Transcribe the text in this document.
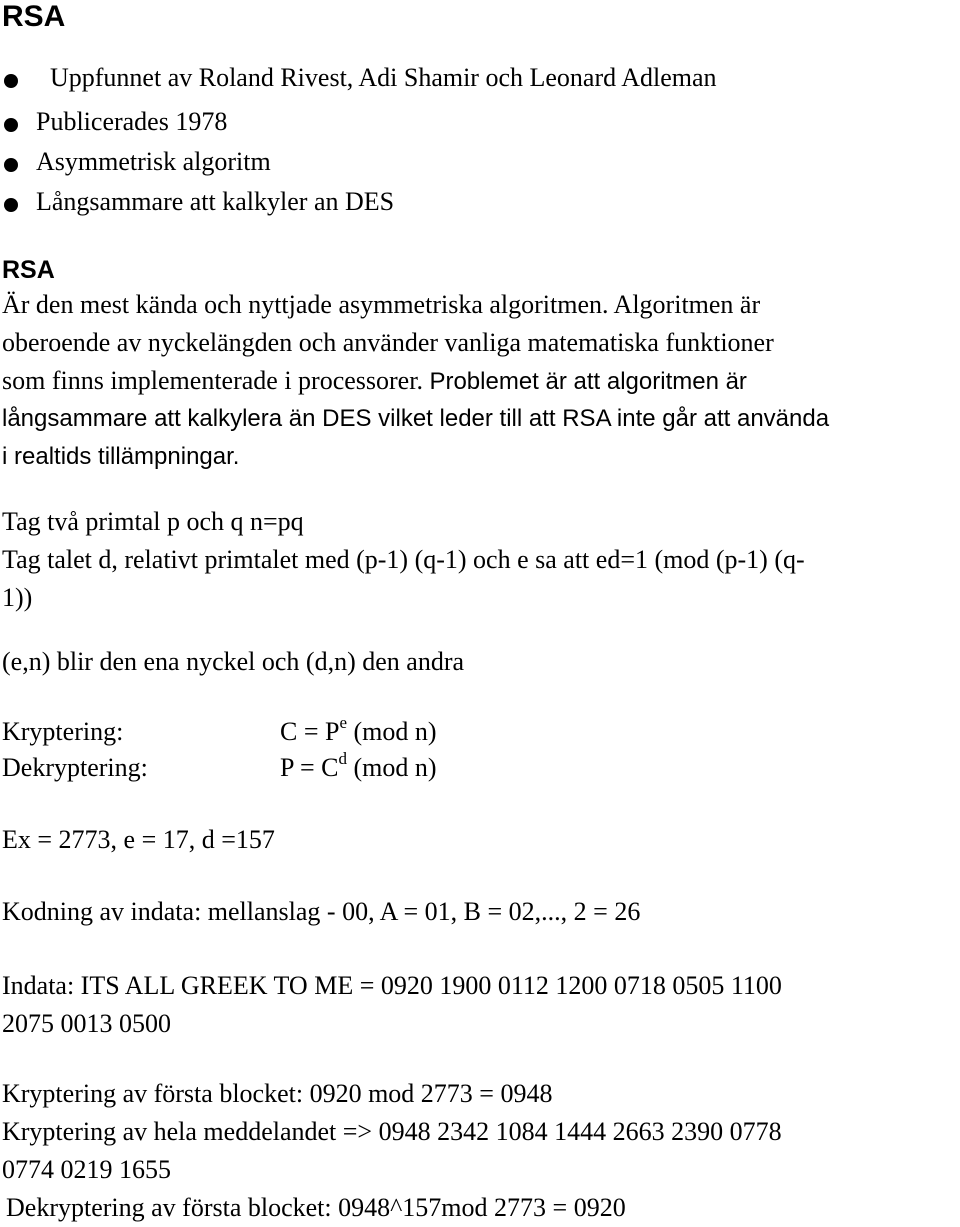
RSA
Uppfunnet av Roland Rivest, Adi Shamir och Leonard Adleman
Publicerades 1978
Asymmetrisk algoritm
Långsammare att kalkyler an DES
RSA
Är den mest kända och nyttjade asymmetriska algoritmen. Algoritmen är
oberoende av nyckelängden och använder vanliga matematiska funktioner
som finns implementerade i processorer. Problemet är att algoritmen är
långsammare att kalkylera än DES vilket leder till att RSA inte går att använda
i realtids tillämpningar.
Tag två primtal p och q n=pq
Tag talet d, relativt primtalet med (p-1) (q-1) och e sa att ed=1 (mod (p-1) (q-
1))
(e,n) blir den ena nyckel och (d,n) den andra
Kryptering:	$C = P^e$ (mod n)
Dekryptering:	$P = C^d$ (mod n)
Ex = 2773, e = 17, d =157
Kodning av indata: mellanslag - 00, A = 01, B = 02,..., 2 = 26
Indata: ITS ALL GREEK TO ME = 0920 1900 0112 1200 0718 0505 1100
2075 0013 0500
Kryptering av första blocket: 0920 mod 2773 = 0948
Kryptering av hela meddelandet => 0948 2342 1084 1444 2663 2390 0778
0774 0219 1655
Dekryptering av första blocket: 0948^157mod 2773 = 0920
